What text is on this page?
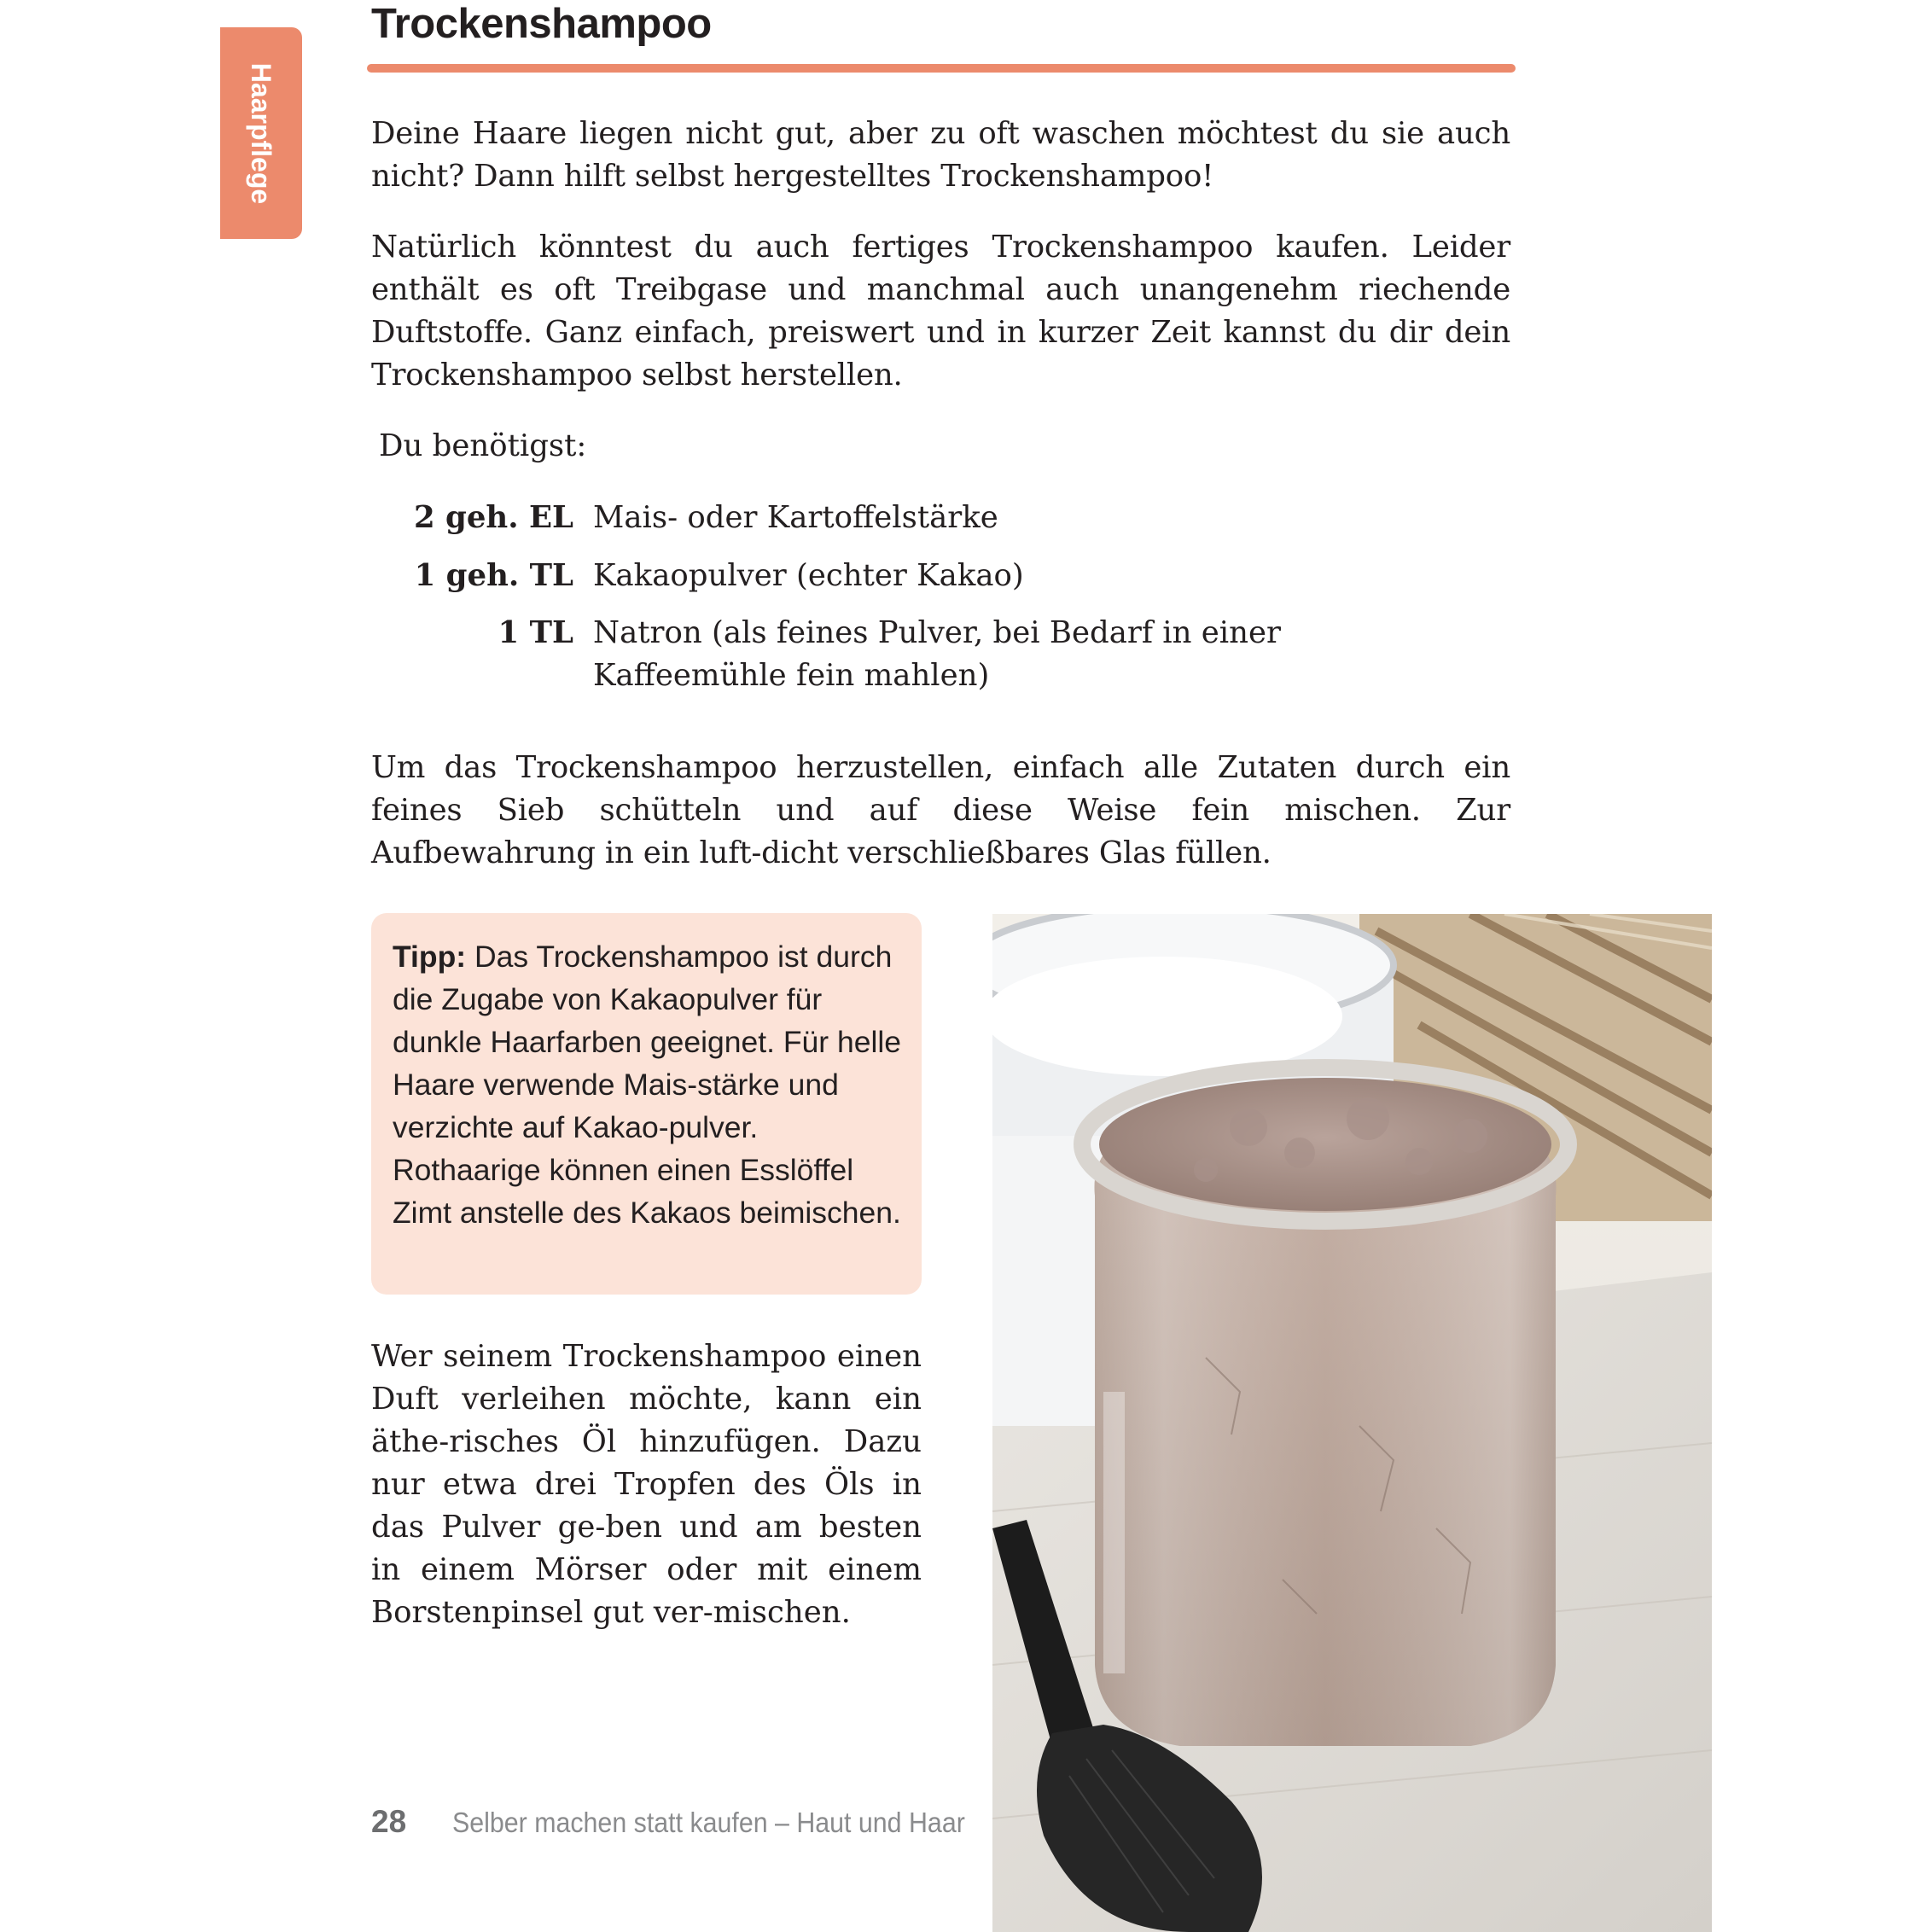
Haarpflege
Trockenshampoo

Deine Haare liegen nicht gut, aber zu oft waschen möchtest du sie auch nicht? Dann hilft selbst hergestelltes Trockenshampoo!

Natürlich könntest du auch fertiges Trockenshampoo kaufen. Leider enthält es oft Treibgase und manchmal auch unangenehm riechende Duftstoffe. Ganz einfach, preiswert und in kurzer Zeit kannst du dir dein Trockenshampoo selbst herstellen.

Du benötigst:
2 geh. EL Mais- oder Kartoffelstärke
1 geh. TL Kakaopulver (echter Kakao)
1 TL Natron (als feines Pulver, bei Bedarf in einer Kaffeemühle fein mahlen)

Um das Trockenshampoo herzustellen, einfach alle Zutaten durch ein feines Sieb schütteln und auf diese Weise fein mischen. Zur Aufbewahrung in ein luft-dicht verschließbares Glas füllen.

Tipp: Das Trockenshampoo ist durch die Zugabe von Kakaopulver für dunkle Haarfarben geeignet. Für helle Haare verwende Mais-stärke und verzichte auf Kakao-pulver. Rothaarige können einen Esslöffel Zimt anstelle des Kakaos beimischen.

Wer seinem Trockenshampoo einen Duft verleihen möchte, kann ein äthe-risches Öl hinzufügen. Dazu nur etwa drei Tropfen des Öls in das Pulver ge-ben und am besten in einem Mörser oder mit einem Borstenpinsel gut ver-mischen.

28 Selber machen statt kaufen – Haut und Haar
